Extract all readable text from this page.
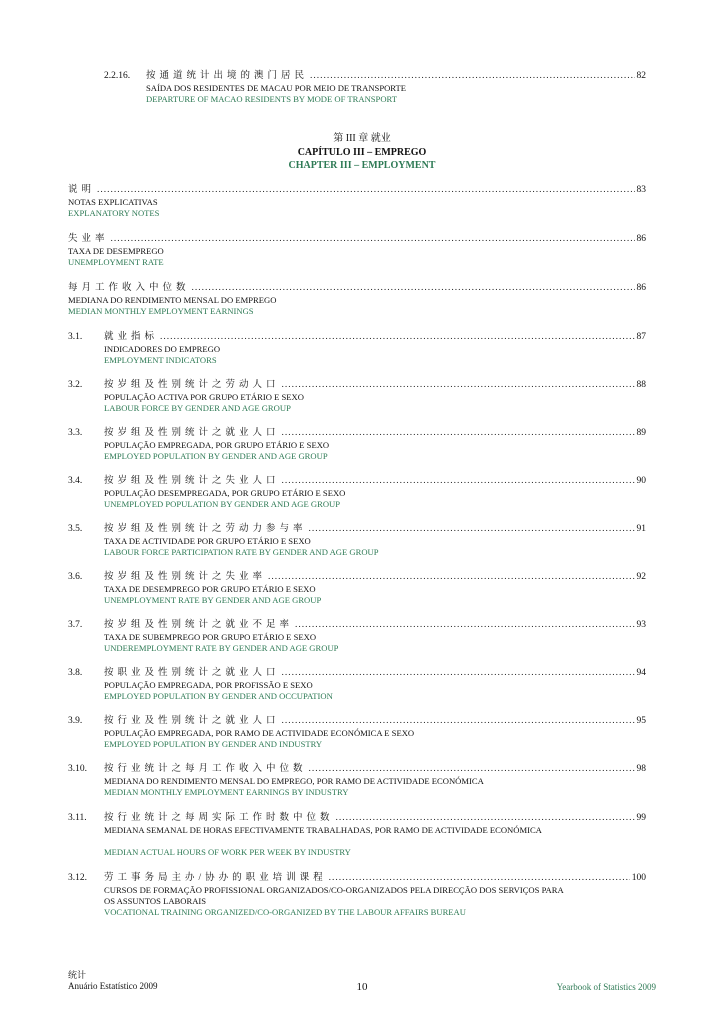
2.2.16. 按通道统计出境的澳门居民 .....	82
SAÍDA DOS RESIDENTES DE MACAU POR MEIO DE TRANSPORTE
DEPARTURE OF MACAO RESIDENTS BY MODE OF TRANSPORT
第 III 章 就业
CAPÍTULO III – EMPREGO
CHAPTER III – EMPLOYMENT
说明 .....	83
NOTAS EXPLICATIVAS
EXPLANATORY NOTES
失业率 .....	86
TAXA DE DESEMPREGO
UNEMPLOYMENT RATE
每月工作收入中位数 .....	86
MEDIANA DO RENDIMENTO MENSAL DO EMPREGO
MEDIAN MONTHLY EMPLOYMENT EARNINGS
3.1. 就业指标 .....	87
INDICADORES DO EMPREGO
EMPLOYMENT INDICATORS
3.2. 按岁组及性别统计之劳动人口 .....	88
POPULAÇÃO ACTIVA POR GRUPO ETÁRIO E SEXO
LABOUR FORCE BY GENDER AND AGE GROUP
3.3. 按岁组及性别统计之就业人口 .....	89
POPULAÇÃO EMPREGADA, POR GRUPO ETÁRIO E SEXO
EMPLOYED POPULATION BY GENDER AND AGE GROUP
3.4. 按岁组及性别统计之失业人口 .....	90
POPULAÇÃO DESEMPREGADA, POR GRUPO ETÁRIO E SEXO
UNEMPLOYED POPULATION BY GENDER AND AGE GROUP
3.5. 按岁组及性别统计之劳动力参与率 .....	91
TAXA DE ACTIVIDADE POR GRUPO ETÁRIO E SEXO
LABOUR FORCE PARTICIPATION RATE BY GENDER AND AGE GROUP
3.6. 按岁组及性别统计之失业率 .....	92
TAXA DE DESEMPREGO POR GRUPO ETÁRIO E SEXO
UNEMPLOYMENT RATE BY GENDER AND AGE GROUP
3.7. 按岁组及性别统计之就业不足率 .....	93
TAXA DE SUBEMPREGO POR GRUPO ETÁRIO E SEXO
UNDEREMPLOYMENT RATE BY GENDER AND AGE GROUP
3.8. 按职业及性别统计之就业人口 .....	94
POPULAÇÃO EMPREGADA, POR PROFISSÃO E SEXO
EMPLOYED POPULATION BY GENDER AND OCCUPATION
3.9. 按行业及性别统计之就业人口 .....	95
POPULAÇÃO EMPREGADA, POR RAMO DE ACTIVIDADE ECONÓMICA E SEXO
EMPLOYED POPULATION BY GENDER AND INDUSTRY
3.10. 按行业统计之每月工作收入中位数 .....	98
MEDIANA DO RENDIMENTO MENSAL DO EMPREGO, POR RAMO DE ACTIVIDADE ECONÓMICA
MEDIAN MONTHLY EMPLOYMENT EARNINGS BY INDUSTRY
3.11. 按行业统计之每周实际工作时数中位数 .....	99
MEDIANA SEMANAL DE HORAS EFECTIVAMENTE TRABALHADAS, POR RAMO DE ACTIVIDADE ECONÓMICA
MEDIAN ACTUAL HOURS OF WORK PER WEEK BY INDUSTRY
3.12. 劳工事务局主办/协办的职业培训课程 .....	100
CURSOS DE FORMAÇÃO PROFISSIONAL ORGANIZADOS/CO-ORGANIZADOS PELA DIRECÇÃO DOS SERVIÇOS PARA OS ASSUNTOS LABORAIS
VOCATIONAL TRAINING ORGANIZED/CO-ORGANIZED BY THE LABOUR AFFAIRS BUREAU
统计
Anuário Estatístico 2009	10	Yearbook of Statistics 2009
